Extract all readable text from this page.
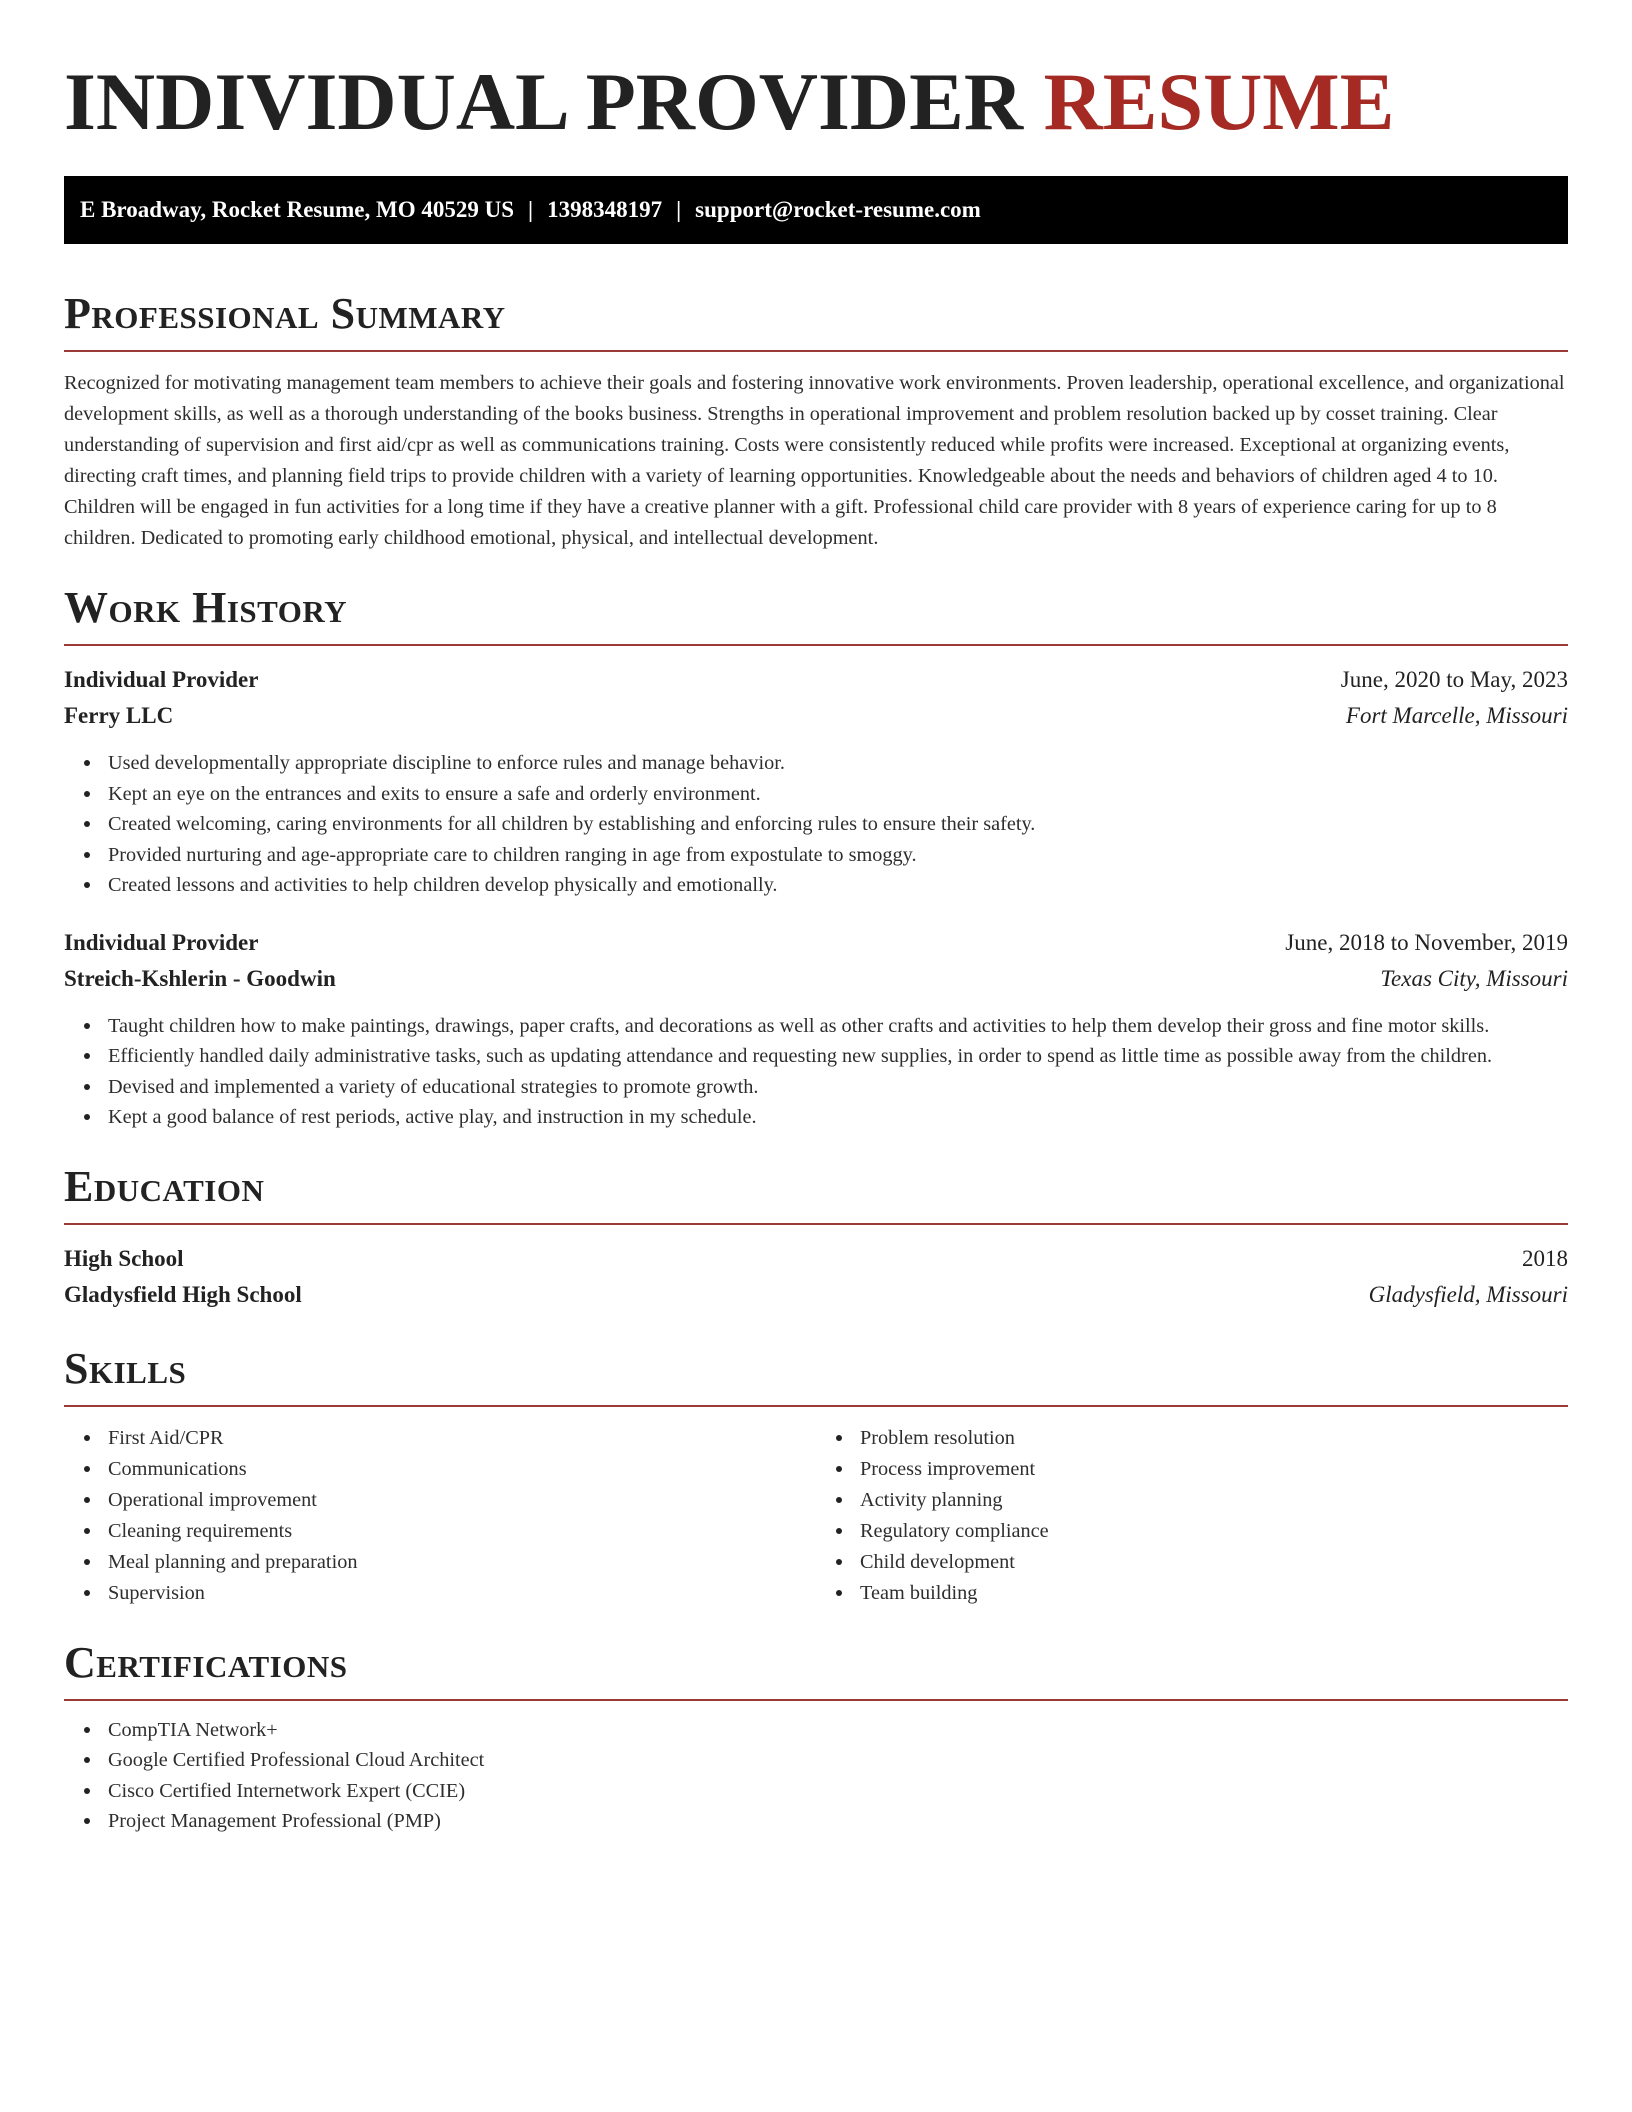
INDIVIDUAL PROVIDER RESUME
E Broadway, Rocket Resume, MO 40529 US | 1398348197 | support@rocket-resume.com
Professional Summary

Recognized for motivating management team members to achieve their goals and fostering innovative work environments. Proven leadership, operational excellence, and organizational development skills, as well as a thorough understanding of the books business. Strengths in operational improvement and problem resolution backed up by cosset training. Clear understanding of supervision and first aid/cpr as well as communications training. Costs were consistently reduced while profits were increased. Exceptional at organizing events, directing craft times, and planning field trips to provide children with a variety of learning opportunities. Knowledgeable about the needs and behaviors of children aged 4 to 10. Children will be engaged in fun activities for a long time if they have a creative planner with a gift. Professional child care provider with 8 years of experience caring for up to 8 children. Dedicated to promoting early childhood emotional, physical, and intellectual development.

Work History
Individual Provider	June, 2020 to May, 2023
Ferry LLC	Fort Marcelle, Missouri
Used developmentally appropriate discipline to enforce rules and manage behavior.
Kept an eye on the entrances and exits to ensure a safe and orderly environment.
Created welcoming, caring environments for all children by establishing and enforcing rules to ensure their safety.
Provided nurturing and age-appropriate care to children ranging in age from expostulate to smoggy.
Created lessons and activities to help children develop physically and emotionally.
Individual Provider	June, 2018 to November, 2019
Streich-Kshlerin - Goodwin	Texas City, Missouri
Taught children how to make paintings, drawings, paper crafts, and decorations as well as other crafts and activities to help them develop their gross and fine motor skills.
Efficiently handled daily administrative tasks, such as updating attendance and requesting new supplies, in order to spend as little time as possible away from the children.
Devised and implemented a variety of educational strategies to promote growth.
Kept a good balance of rest periods, active play, and instruction in my schedule.
Education
High School	2018
Gladysfield High School	Gladysfield, Missouri
Skills
First Aid/CPR
Communications
Operational improvement
Cleaning requirements
Meal planning and preparation
Supervision
Problem resolution
Process improvement
Activity planning
Regulatory compliance
Child development
Team building
Certifications
CompTIA Network+
Google Certified Professional Cloud Architect
Cisco Certified Internetwork Expert (CCIE)
Project Management Professional (PMP)
